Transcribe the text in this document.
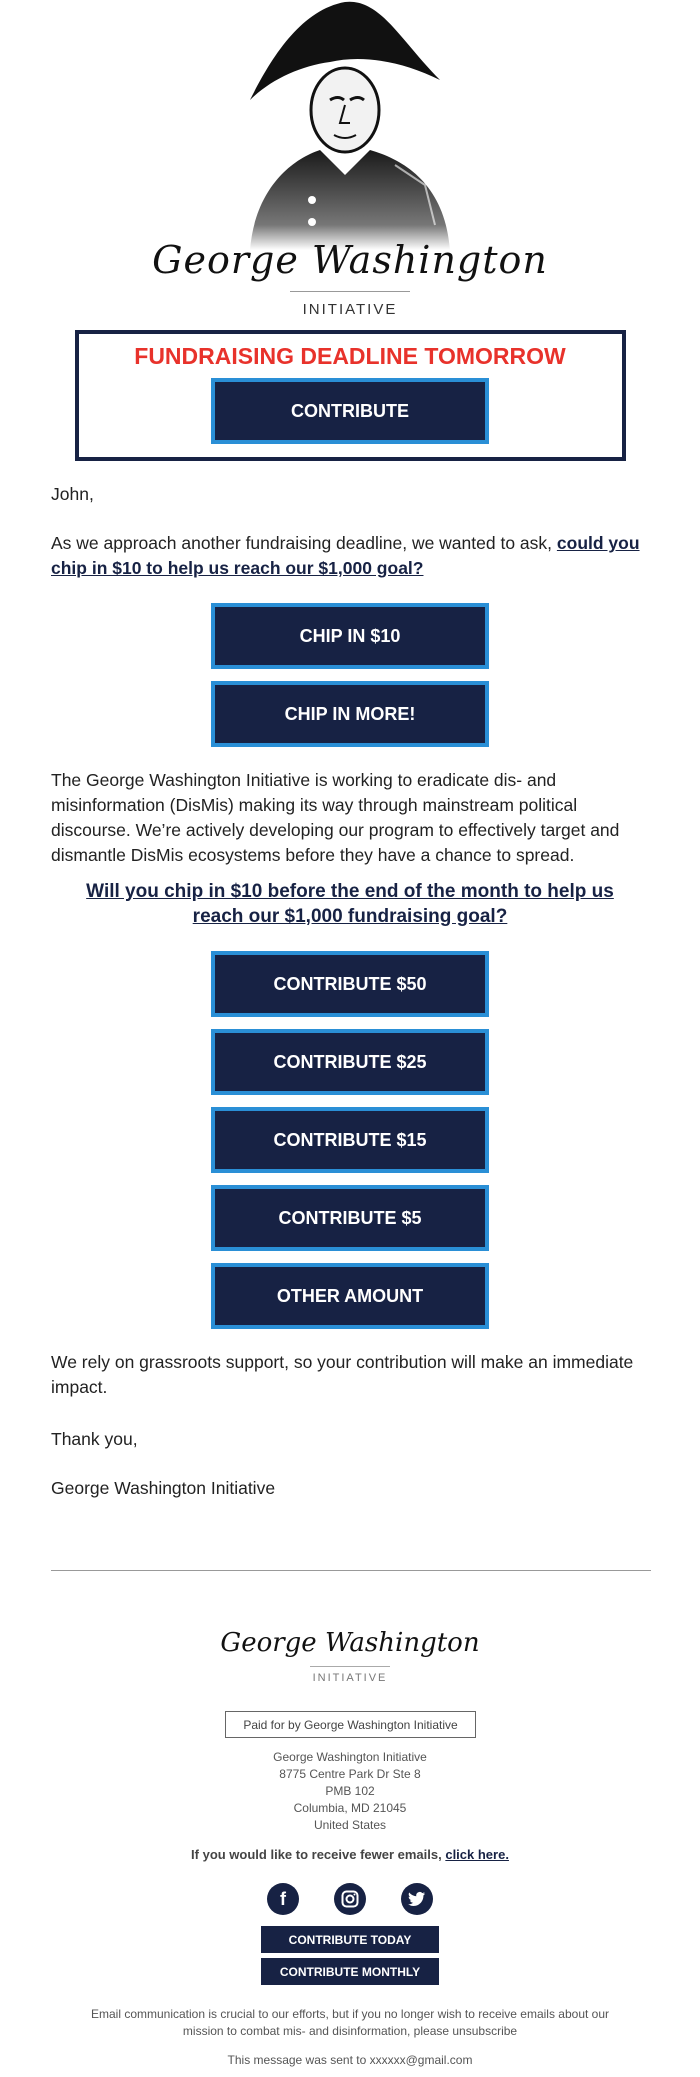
George Washington
INITIATIVE
FUNDRAISING DEADLINE TOMORROW
CONTRIBUTE
John,
As we approach another fundraising deadline, we wanted to ask, could you chip in $10 to help us reach our $1,000 goal?
CHIP IN $10
CHIP IN MORE!
The George Washington Initiative is working to eradicate dis- and misinformation (DisMis) making its way through mainstream political discourse. We’re actively developing our program to effectively target and dismantle DisMis ecosystems before they have a chance to spread.
Will you chip in $10 before the end of the month to help us reach our $1,000 fundraising goal?
CONTRIBUTE $50
CONTRIBUTE $25
CONTRIBUTE $15
CONTRIBUTE $5
OTHER AMOUNT
We rely on grassroots support, so your contribution will make an immediate impact.
Thank you,
George Washington Initiative
George Washington
INITIATIVE
Paid for by George Washington Initiative
George Washington Initiative
8775 Centre Park Dr Ste 8
PMB 102
Columbia, MD 21045
United States
If you would like to receive fewer emails, click here.
f
CONTRIBUTE TODAY
CONTRIBUTE MONTHLY
Email communication is crucial to our efforts, but if you no longer wish to receive emails about our mission to combat mis- and disinformation, please unsubscribe
This message was sent to xxxxxx@gmail.com
